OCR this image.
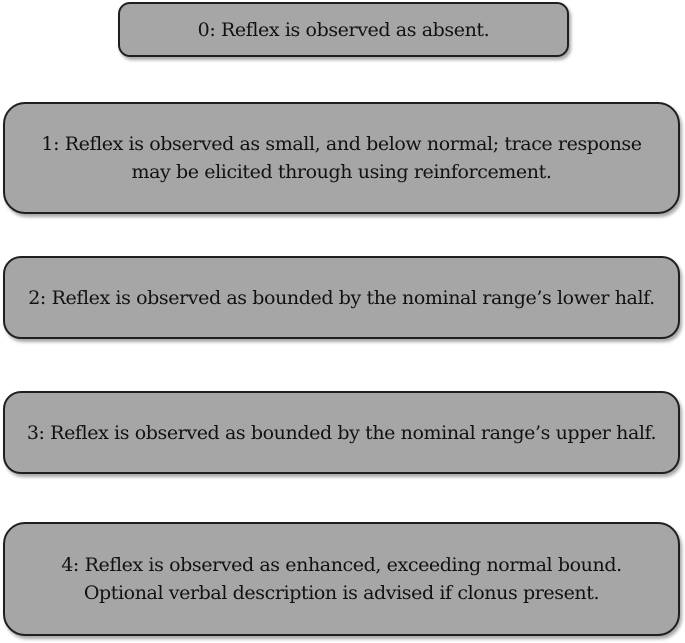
0: Reflex is observed as absent.
1: Reflex is observed as small, and below normal; trace response
may be elicited through using reinforcement.
2: Reflex is observed as bounded by the nominal range’s lower half.
3: Reflex is observed as bounded by the nominal range’s upper half.
4: Reflex is observed as enhanced, exceeding normal bound.
Optional verbal description is advised if clonus present.
